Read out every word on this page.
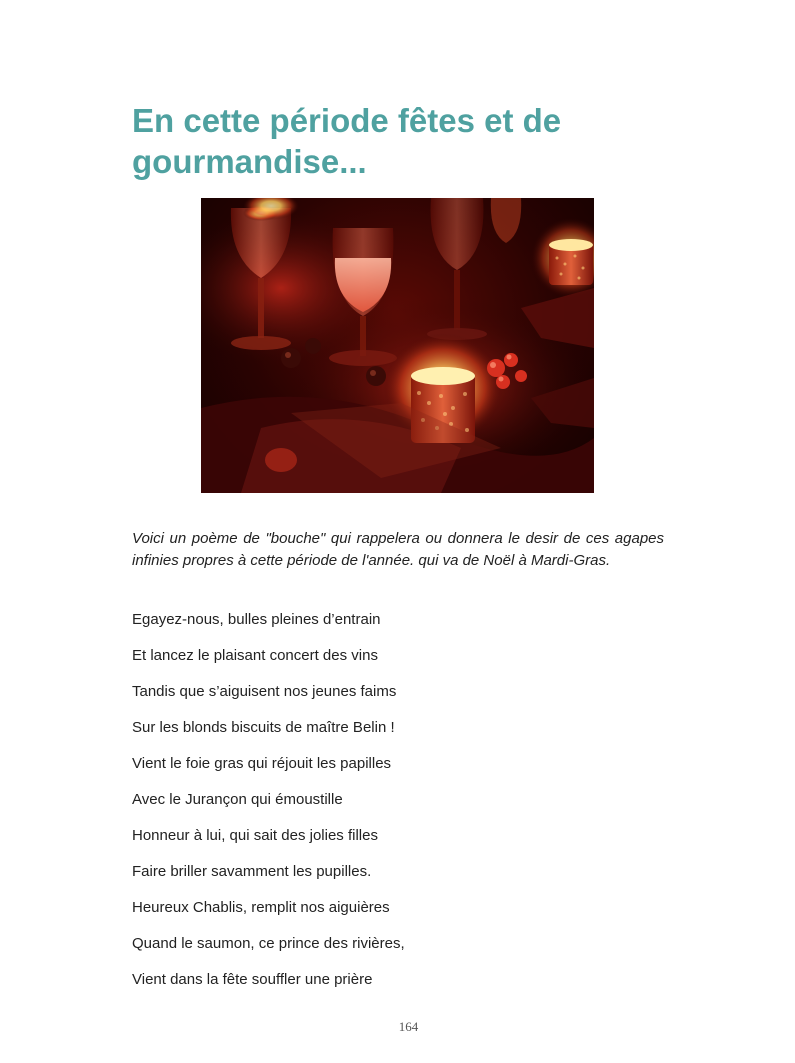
En cette période fêtes et de gourmandise...

Voici un poème de "bouche" qui rappelera ou donnera le desir de ces agapes infinies propres à cette période de l'année. qui va de Noël à Mardi-Gras.

Egayez-nous, bulles pleines d’entrain
Et lancez le plaisant concert des vins
Tandis que s’aiguisent nos jeunes faims
Sur les blonds biscuits de maître Belin !
Vient le foie gras qui réjouit les papilles
Avec le Jurançon qui émoustille
Honneur à lui, qui sait des jolies filles
Faire briller savamment les pupilles.
Heureux Chablis, remplit nos aiguières
Quand le saumon, ce prince des rivières,
Vient dans la fête souffler une prière
164
